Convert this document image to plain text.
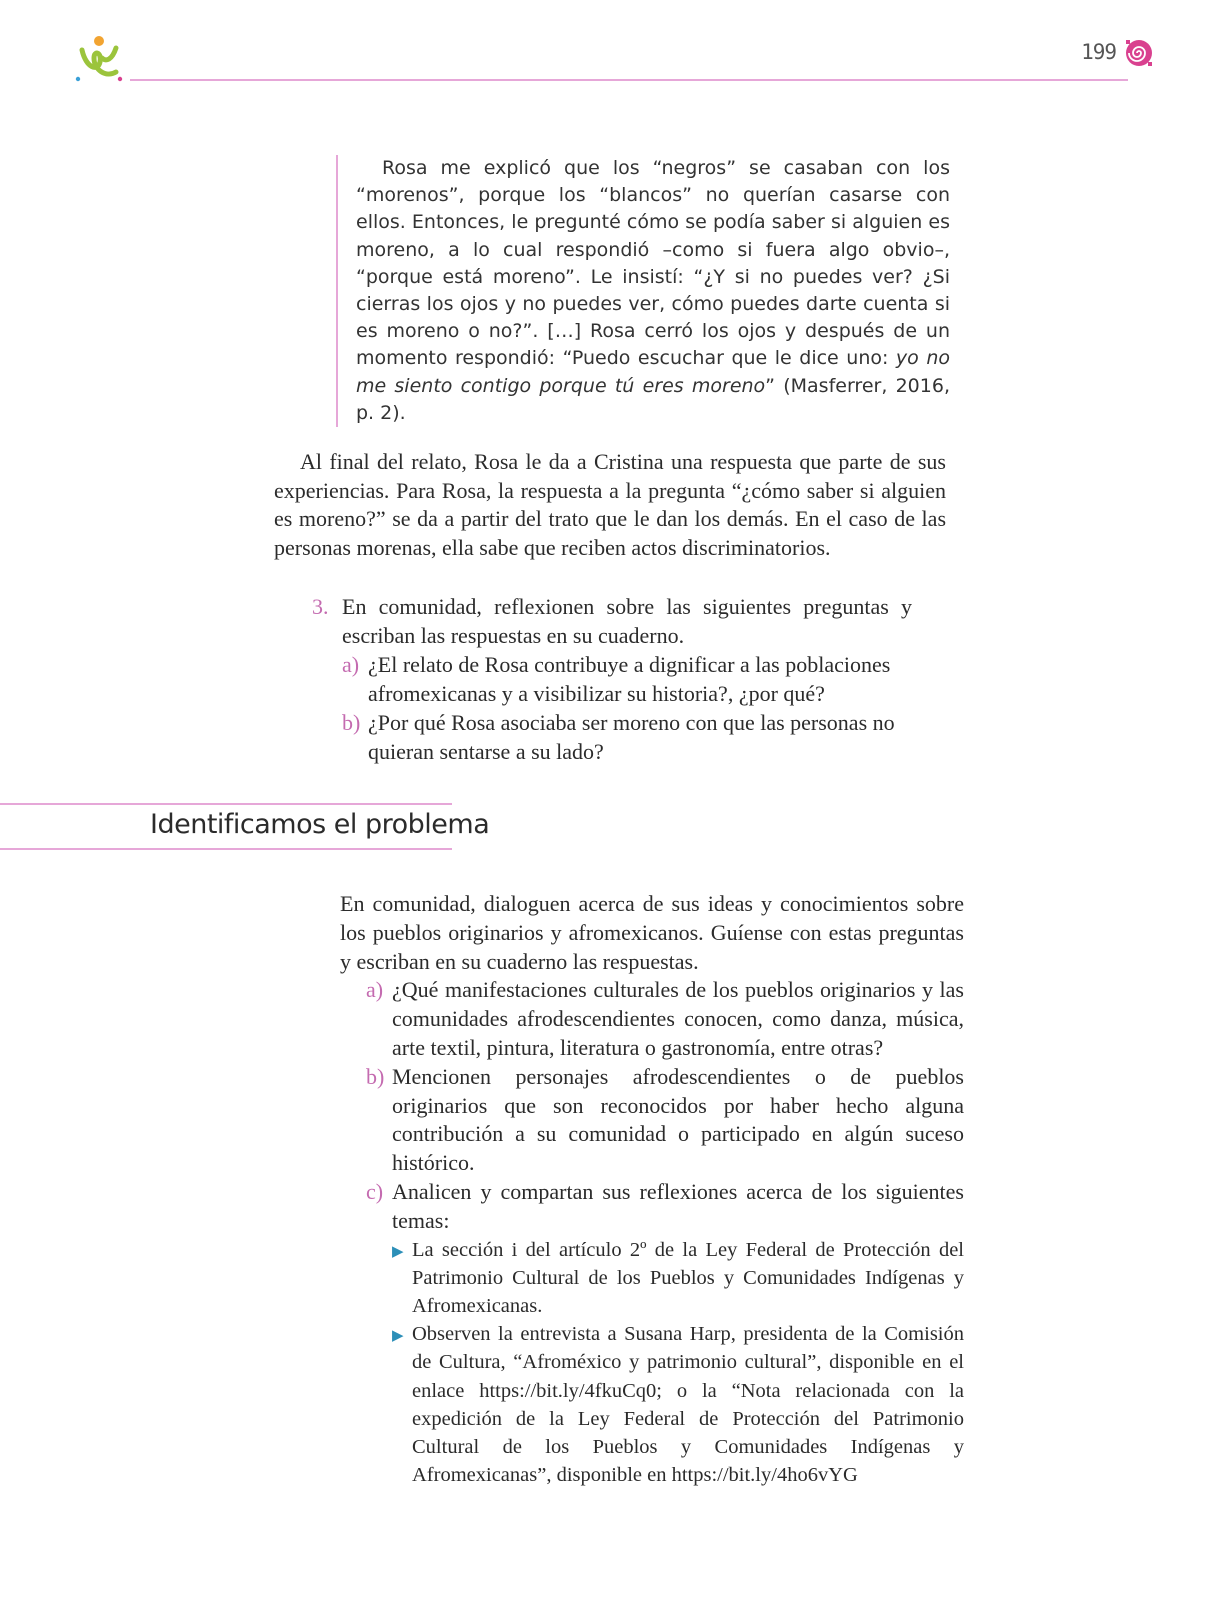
199

Rosa me explicó que los “negros” se casaban con los “morenos”, porque los “blancos” no querían casarse con ellos. Entonces, le pregunté cómo se podía saber si alguien es moreno, a lo cual respondió –como si fuera algo obvio–, “porque está moreno”. Le insistí: “¿Y si no puedes ver? ¿Si cierras los ojos y no puedes ver, cómo puedes darte cuenta si es moreno o no?”. […] Rosa cerró los ojos y después de un momento respondió: “Puedo escuchar que le dice uno: yo no me siento contigo porque tú eres moreno” (Masferrer, 2016, p. 2).

Al final del relato, Rosa le da a Cristina una respuesta que parte de sus experiencias. Para Rosa, la respuesta a la pregunta “¿cómo saber si alguien es moreno?” se da a partir del trato que le dan los demás. En el caso de las personas morenas, ella sabe que reciben actos discriminatorios.

3. En comunidad, reflexionen sobre las siguientes preguntas y escriban las respuestas en su cuaderno.
a) ¿El relato de Rosa contribuye a dignificar a las poblaciones afromexicanas y a visibilizar su historia?, ¿por qué?
b) ¿Por qué Rosa asociaba ser moreno con que las personas no quieran sentarse a su lado?
Identificamos el problema

En comunidad, dialoguen acerca de sus ideas y conocimientos sobre los pueblos originarios y afromexicanos. Guíense con estas preguntas y escriban en su cuaderno las respuestas.

a) ¿Qué manifestaciones culturales de los pueblos originarios y las comunidades afrodescendientes conocen, como danza, música, arte textil, pintura, literatura o gastronomía, entre otras?
b) Mencionen personajes afrodescendientes o de pueblos originarios que son reconocidos por haber hecho alguna contribución a su comunidad o participado en algún suceso histórico.
c) Analicen y compartan sus reflexiones acerca de los siguientes temas:
▶ La sección i del artículo 2º de la Ley Federal de Protección del Patrimonio Cultural de los Pueblos y Comunidades Indígenas y Afromexicanas.
▶ Observen la entrevista a Susana Harp, presidenta de la Comisión de Cultura, “Afroméxico y patrimonio cultural”, disponible en el enlace https://bit.ly/4fkuCq0; o la “Nota relacionada con la expedición de la Ley Federal de Protección del Patrimonio Cultural de los Pueblos y Comunidades Indígenas y Afromexicanas”, disponible en https://bit.ly/4ho6vYG
